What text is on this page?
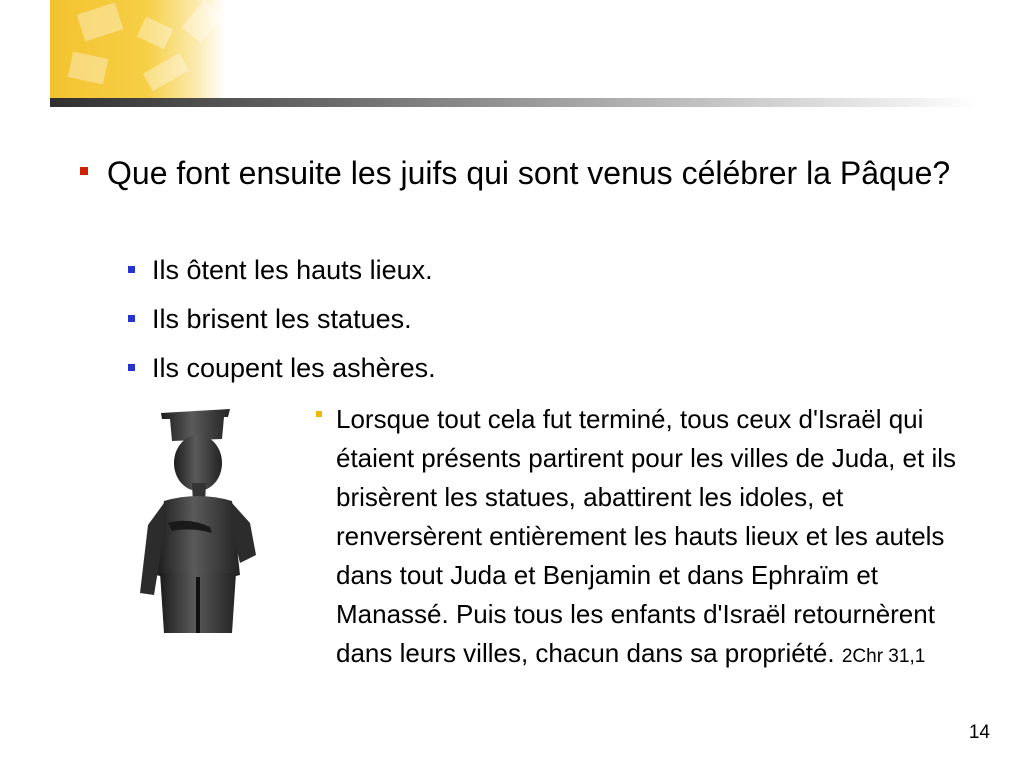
Que font ensuite les juifs qui sont venus célébrer la Pâque?
Ils ôtent les hauts lieux.
Ils brisent les statues.
Ils coupent les ashères.
Lorsque tout cela fut terminé, tous ceux d'Israël qui étaient présents partirent pour les villes de Juda, et ils brisèrent les statues, abattirent les idoles, et renversèrent entièrement les hauts lieux et les autels dans tout Juda et Benjamin et dans Ephraïm et Manassé. Puis tous les enfants d'Israël retournèrent dans leurs villes, chacun dans sa propriété. 2Chr 31,1
14
